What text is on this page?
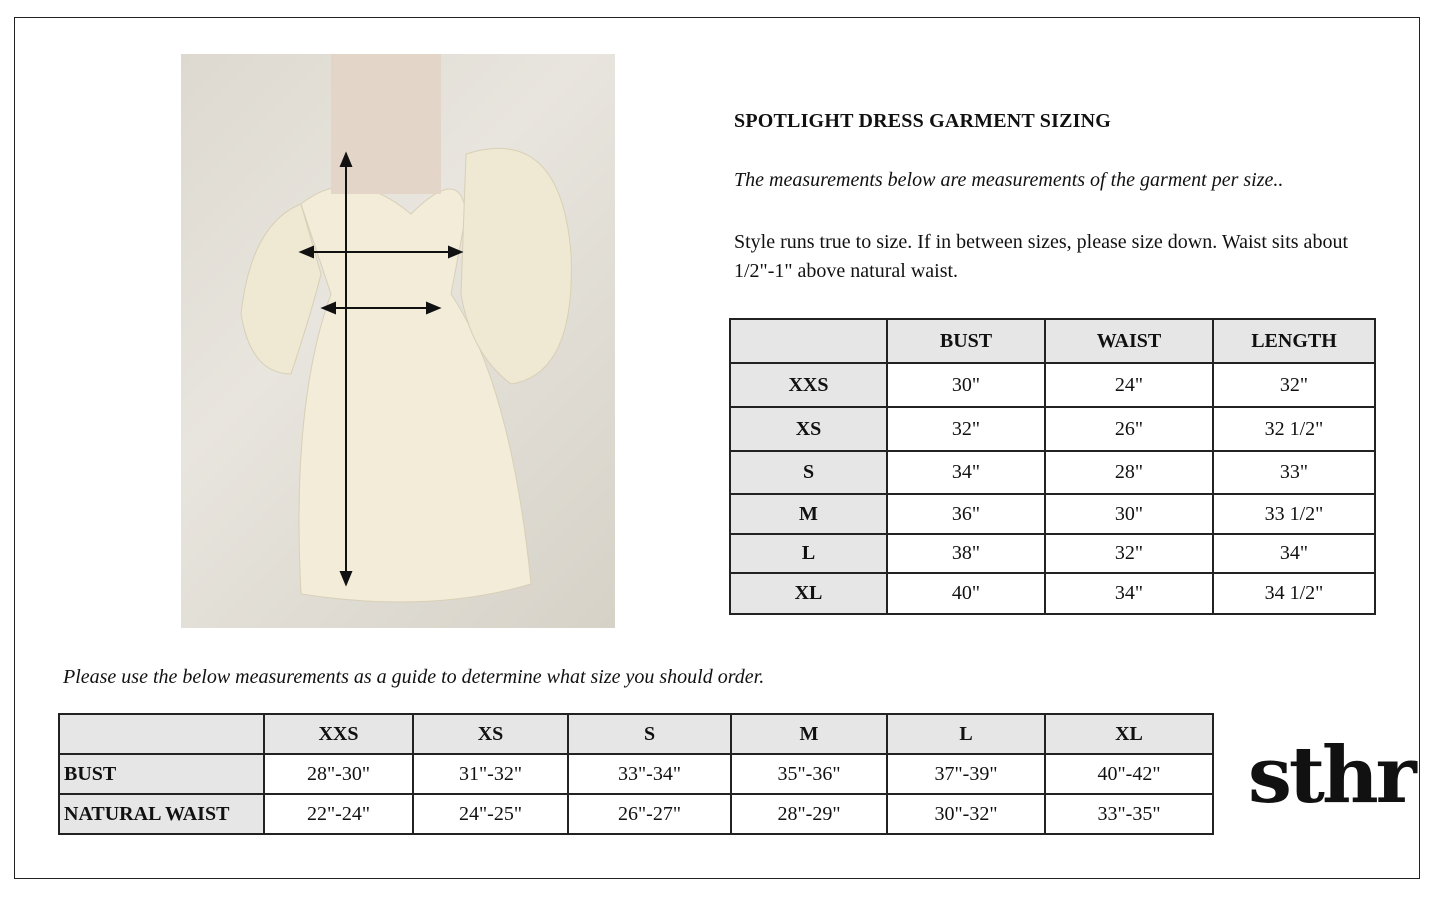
SPOTLIGHT DRESS GARMENT SIZING
The measurements below are measurements of the garment per size..
Style runs true to size. If in between sizes, please size down. Waist sits about 1/2"-1" above natural waist.
	BUST	WAIST	LENGTH
XXS	30"	24"	32"
XS	32"	26"	32 1/2"
S	34"	28"	33"
M	36"	30"	33 1/2"
L	38"	32"	34"
XL	40"	34"	34 1/2"
Please use the below measurements as a guide to determine what size you should order.
	XXS	XS	S	M	L	XL
BUST	28"-30"	31"-32"	33"-34"	35"-36"	37"-39"	40"-42"
NATURAL WAIST	22"-24"	24"-25"	26"-27"	28"-29"	30"-32"	33"-35" sthr
